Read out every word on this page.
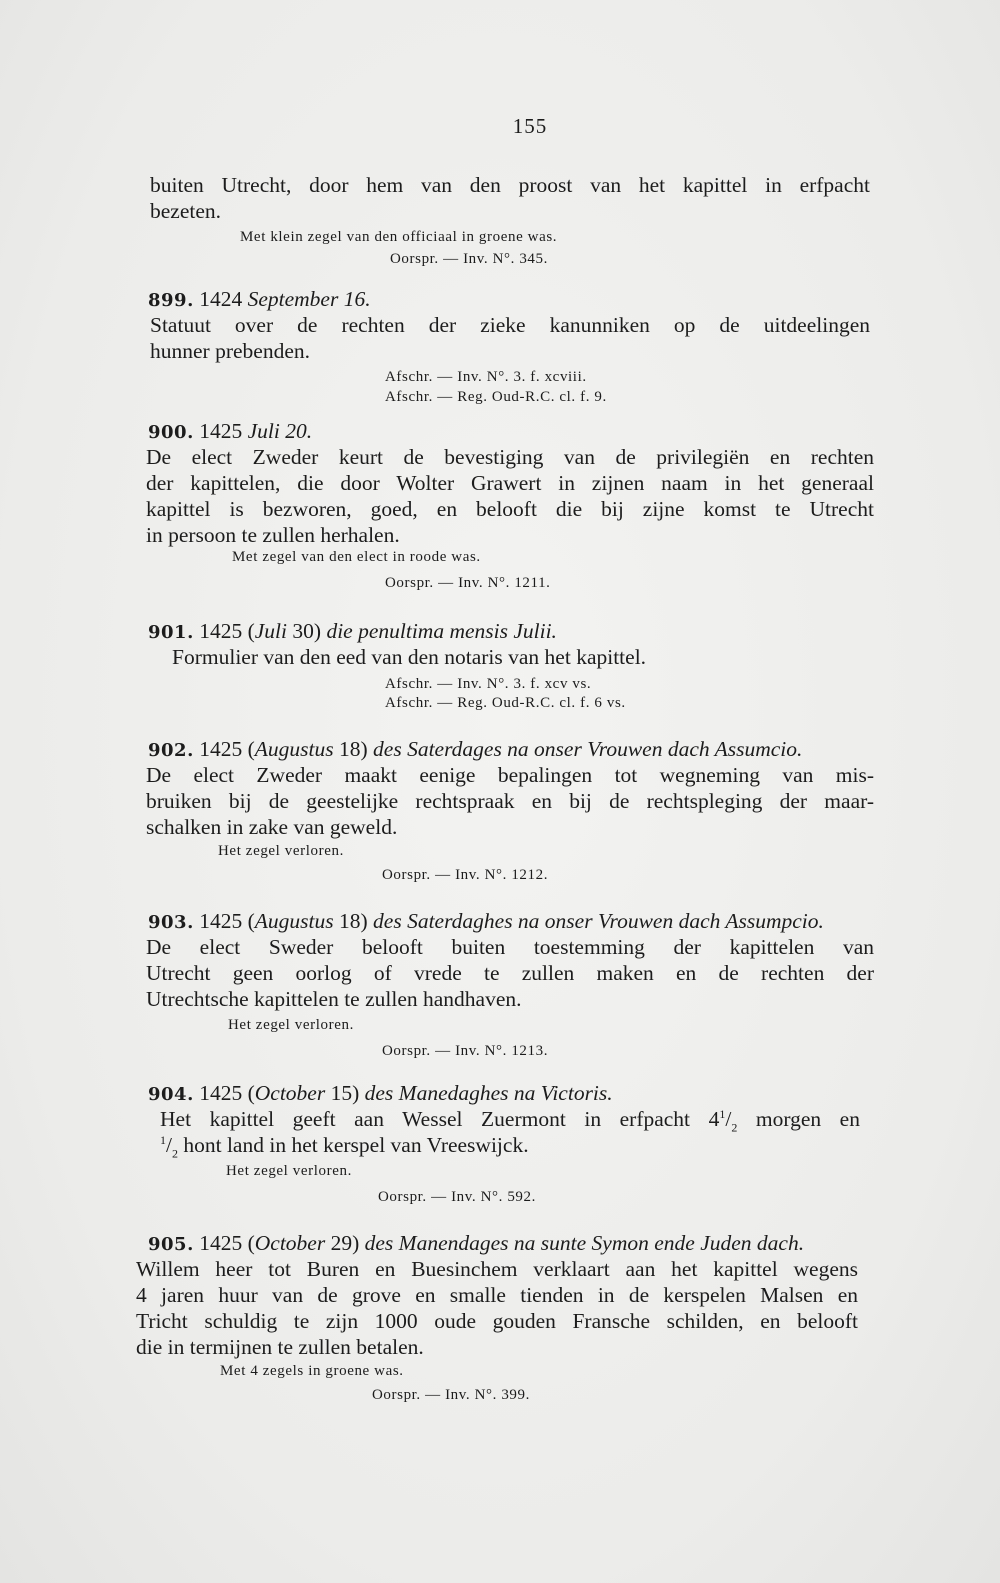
155
buiten Utrecht, door hem van den proost van het kapittel in erfpacht
bezeten.
Met klein zegel van den officiaal in groene was.
Oorspr. — Inv. N°. 345.
899. 1424 September 16.
Statuut over de rechten der zieke kanunniken op de uitdeelingen
hunner prebenden.
Afschr. — Inv. N°. 3. f. xcviii.
Afschr. — Reg. Oud-R.C. cl. f. 9.
900. 1425 Juli 20.
De elect Zweder keurt de bevestiging van de privilegiën en rechten
der kapittelen, die door Wolter Grawert in zijnen naam in het generaal
kapittel is bezworen, goed, en belooft die bij zijne komst te Utrecht
in persoon te zullen herhalen.
Met zegel van den elect in roode was.
Oorspr. — Inv. N°. 1211.
901. 1425 (Juli 30) die penultima mensis Julii.
Formulier van den eed van den notaris van het kapittel.
Afschr. — Inv. N°. 3. f. xcv vs.
Afschr. — Reg. Oud-R.C. cl. f. 6 vs.
902. 1425 (Augustus 18) des Saterdages na onser Vrouwen dach Assumcio.
De elect Zweder maakt eenige bepalingen tot wegneming van mis-
bruiken bij de geestelijke rechtspraak en bij de rechtspleging der maar-
schalken in zake van geweld.
Het zegel verloren.
Oorspr. — Inv. N°. 1212.
903. 1425 (Augustus 18) des Saterdaghes na onser Vrouwen dach Assumpcio.
De elect Sweder belooft buiten toestemming der kapittelen van
Utrecht geen oorlog of vrede te zullen maken en de rechten der
Utrechtsche kapittelen te zullen handhaven.
Het zegel verloren.
Oorspr. — Inv. N°. 1213.
904. 1425 (October 15) des Manedaghes na Victoris.
Het kapittel geeft aan Wessel Zuermont in erfpacht $4^1/_2$ morgen en
$^1/_2$ hont land in het kerspel van Vreeswijck.
Het zegel verloren.
Oorspr. — Inv. N°. 592.
905. 1425 (October 29) des Manendages na sunte Symon ende Juden dach.
Willem heer tot Buren en Buesinchem verklaart aan het kapittel wegens
4 jaren huur van de grove en smalle tienden in de kerspelen Malsen en
Tricht schuldig te zijn 1000 oude gouden Fransche schilden, en belooft
die in termijnen te zullen betalen.
Met 4 zegels in groene was.
Oorspr. — Inv. N°. 399.
